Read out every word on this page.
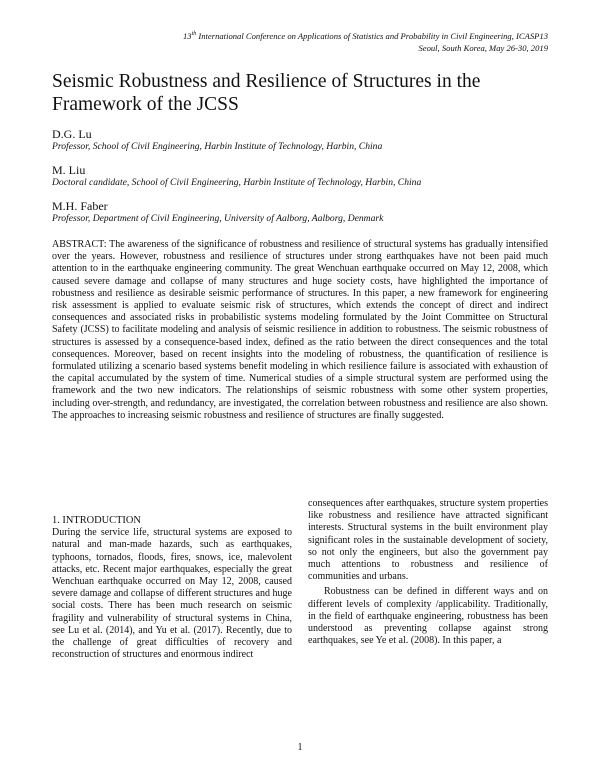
13th International Conference on Applications of Statistics and Probability in Civil Engineering, ICASP13
Seoul, South Korea, May 26-30, 2019
Seismic Robustness and Resilience of Structures in the Framework of the JCSS
D.G. Lu
Professor, School of Civil Engineering, Harbin Institute of Technology, Harbin, China
M. Liu
Doctoral candidate, School of Civil Engineering, Harbin Institute of Technology, Harbin, China
M.H. Faber
Professor, Department of Civil Engineering, University of Aalborg, Aalborg, Denmark

ABSTRACT: The awareness of the significance of robustness and resilience of structural systems has gradually intensified over the years. However, robustness and resilience of structures under strong earthquakes have not been paid much attention to in the earthquake engineering community. The great Wenchuan earthquake occurred on May 12, 2008, which caused severe damage and collapse of many structures and huge society costs, have highlighted the importance of robustness and resilience as desirable seismic performance of structures. In this paper, a new framework for engineering risk assessment is applied to evaluate seismic risk of structures, which extends the concept of direct and indirect consequences and associated risks in probabilistic systems modeling formulated by the Joint Committee on Structural Safety (JCSS) to facilitate modeling and analysis of seismic resilience in addition to robustness. The seismic robustness of structures is assessed by a consequence-based index, defined as the ratio between the direct consequences and the total consequences. Moreover, based on recent insights into the modeling of robustness, the quantification of resilience is formulated utilizing a scenario based systems benefit modeling in which resilience failure is associated with exhaustion of the capital accumulated by the system of time. Numerical studies of a simple structural system are performed using the framework and the two new indicators. The relationships of seismic robustness with some other system properties, including over-strength, and redundancy, are investigated, the correlation between robustness and resilience are also shown. The approaches to increasing seismic robustness and resilience of structures are finally suggested.

1. INTRODUCTION

During the service life, structural systems are exposed to natural and man-made hazards, such as earthquakes, typhoons, tornados, floods, fires, snows, ice, malevolent attacks, etc. Recent major earthquakes, especially the great Wenchuan earthquake occurred on May 12, 2008, caused severe damage and collapse of different structures and huge social costs. There has been much research on seismic fragility and vulnerability of structural systems in China, see Lu et al. (2014), and Yu et al. (2017). Recently, due to the challenge of great difficulties of recovery and reconstruction of structures and enormous indirect

consequences after earthquakes, structure system properties like robustness and resilience have attracted significant interests. Structural systems in the built environment play significant roles in the sustainable development of society, so not only the engineers, but also the government pay much attentions to robustness and resilience of communities and urbans.

Robustness can be defined in different ways and on different levels of complexity /applicability. Traditionally, in the field of earthquake engineering, robustness has been understood as preventing collapse against strong earthquakes, see Ye et al. (2008). In this paper, a

1
